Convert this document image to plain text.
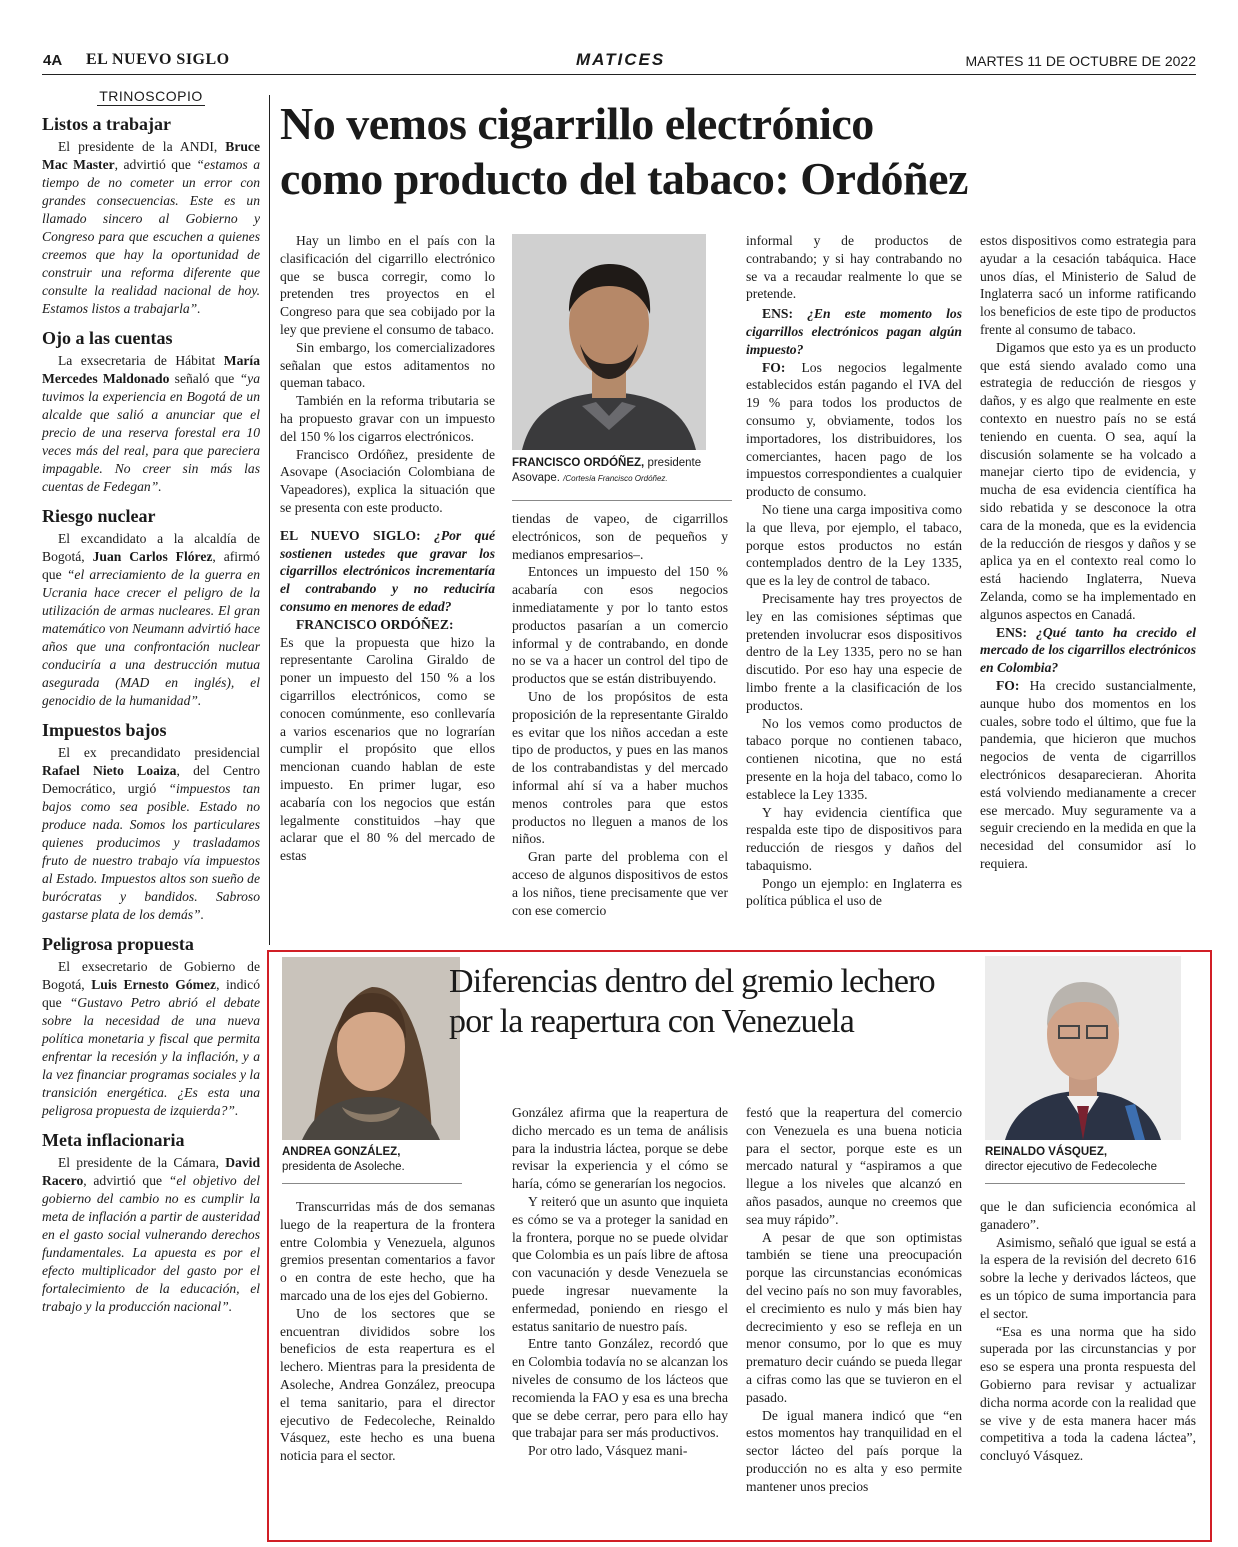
4A EL NUEVO SIGLO	MATICES	MARTES 11 DE OCTUBRE DE 2022
TRINOSCOPIO
Listos a trabajar

El presidente de la ANDI, Bruce Mac Master, advirtió que “estamos a tiempo de no cometer un error con grandes consecuencias. Este es un llamado sincero al Gobierno y Congreso para que escuchen a quienes creemos que hay la oportunidad de construir una reforma diferente que consulte la realidad nacional de hoy. Estamos listos a trabajarla”.

Ojo a las cuentas

La exsecretaria de Hábitat María Mercedes Maldonado señaló que “ya tuvimos la experiencia en Bogotá de un alcalde que salió a anunciar que el precio de una reserva forestal era 10 veces más del real, para que pareciera impagable. No creer sin más las cuentas de Fedegan”.

Riesgo nuclear

El excandidato a la alcaldía de Bogotá, Juan Carlos Flórez, afirmó que “el arreciamiento de la guerra en Ucrania hace crecer el peligro de la utilización de armas nucleares. El gran matemático von Neumann advirtió hace años que una confrontación nuclear conduciría a una destrucción mutua asegurada (MAD en inglés), el genocidio de la humanidad”.

Impuestos bajos

El ex precandidato presidencial Rafael Nieto Loaiza, del Centro Democrático, urgió “impuestos tan bajos como sea posible. Estado no produce nada. Somos los particulares quienes producimos y trasladamos fruto de nuestro trabajo vía impuestos al Estado. Impuestos altos son sueño de burócratas y bandidos. Sabroso gastarse plata de los demás”.

Peligrosa propuesta

El exsecretario de Gobierno de Bogotá, Luis Ernesto Gómez, indicó que “Gustavo Petro abrió el debate sobre la necesidad de una nueva política monetaria y fiscal que permita enfrentar la recesión y la inflación, y a la vez financiar programas sociales y la transición energética. ¿Es esta una peligrosa propuesta de izquierda?”.

Meta inflacionaria

El presidente de la Cámara, David Racero, advirtió que “el objetivo del gobierno del cambio no es cumplir la meta de inflación a partir de austeridad en el gasto social vulnerando derechos fundamentales. La apuesta es por el efecto multiplicador del gasto por el fortalecimiento de la educación, el trabajo y la producción nacional”.

No vemos cigarrillo electrónico
como producto del tabaco: Ordóñez

Hay un limbo en el país con la clasificación del cigarrillo electrónico que se busca corregir, como lo pretenden tres proyectos en el Congreso para que sea cobijado por la ley que previene el consumo de tabaco.

Sin embargo, los comercializadores señalan que estos aditamentos no queman tabaco.

También en la reforma tributaria se ha propuesto gravar con un impuesto del 150 % los cigarros electrónicos.

Francisco Ordóñez, presidente de Asovape (Asociación Colombiana de Vapeadores), explica la situación que se presenta con este producto.

EL NUEVO SIGLO: ¿Por qué sostienen ustedes que gravar los cigarrillos electrónicos incrementaría el contrabando y no reduciría consumo en menores de edad?

FRANCISCO ORDÓÑEZ:

Es que la propuesta que hizo la representante Carolina Giraldo de poner un impuesto del 150 % a los cigarrillos electrónicos, como se conocen comúnmente, eso conllevaría a varios escenarios que no lograrían cumplir el propósito que ellos mencionan cuando hablan de este impuesto. En primer lugar, eso acabaría con los negocios que están legalmente constituidos –hay que aclarar que el 80 % del mercado de estas

FRANCISCO ORDÓÑEZ, presidente Asovape. /Cortesía Francisco Ordóñez.

tiendas de vapeo, de cigarrillos electrónicos, son de pequeños y medianos empresarios–.

Entonces un impuesto del 150 % acabaría con esos negocios inmediatamente y por lo tanto estos productos pasarían a un comercio informal y de contrabando, en donde no se va a hacer un control del tipo de productos que se están distribuyendo.

Uno de los propósitos de esta proposición de la representante Giraldo es evitar que los niños accedan a este tipo de productos, y pues en las manos de los contrabandistas y del mercado informal ahí sí va a haber muchos menos controles para que estos productos no lleguen a manos de los niños.

Gran parte del problema con el acceso de algunos dispositivos de estos a los niños, tiene precisamente que ver con ese comercio

informal y de productos de contrabando; y si hay contrabando no se va a recaudar realmente lo que se pretende.

ENS: ¿En este momento los cigarrillos electrónicos pagan algún impuesto?

FO: Los negocios legalmente establecidos están pagando el IVA del 19 % para todos los productos de consumo y, obviamente, todos los importadores, los distribuidores, los comerciantes, hacen pago de los impuestos correspondientes a cualquier producto de consumo.

No tiene una carga impositiva como la que lleva, por ejemplo, el tabaco, porque estos productos no están contemplados dentro de la Ley 1335, que es la ley de control de tabaco.

Precisamente hay tres proyectos de ley en las comisiones séptimas que pretenden involucrar esos dispositivos dentro de la Ley 1335, pero no se han discutido. Por eso hay una especie de limbo frente a la clasificación de los productos.

No los vemos como productos de tabaco porque no contienen tabaco, contienen nicotina, que no está presente en la hoja del tabaco, como lo establece la Ley 1335.

Y hay evidencia científica que respalda este tipo de dispositivos para reducción de riesgos y daños del tabaquismo.

Pongo un ejemplo: en Inglaterra es política pública el uso de

estos dispositivos como estrategia para ayudar a la cesación tabáquica. Hace unos días, el Ministerio de Salud de Inglaterra sacó un informe ratificando los beneficios de este tipo de productos frente al consumo de tabaco.

Digamos que esto ya es un producto que está siendo avalado como una estrategia de reducción de riesgos y daños, y es algo que realmente en este contexto en nuestro país no se está teniendo en cuenta. O sea, aquí la discusión solamente se ha volcado a manejar cierto tipo de evidencia, y mucha de esa evidencia científica ha sido rebatida y se desconoce la otra cara de la moneda, que es la evidencia de la reducción de riesgos y daños y se aplica ya en el contexto real como lo está haciendo Inglaterra, Nueva Zelanda, como se ha implementado en algunos aspectos en Canadá.

ENS: ¿Qué tanto ha crecido el mercado de los cigarrillos electrónicos en Colombia?

FO: Ha crecido sustancialmente, aunque hubo dos momentos en los cuales, sobre todo el último, que fue la pandemia, que hicieron que muchos negocios de venta de cigarrillos electrónicos desaparecieran. Ahorita está volviendo medianamente a crecer ese mercado. Muy seguramente va a seguir creciendo en la medida en que la necesidad del consumidor así lo requiera.

ANDREA GONZÁLEZ,
presidenta de Asoleche.
Diferencias dentro del gremio lechero
por la reapertura con Venezuela
REINALDO VÁSQUEZ,
director ejecutivo de Fedecoleche

Transcurridas más de dos semanas luego de la reapertura de la frontera entre Colombia y Venezuela, algunos gremios presentan comentarios a favor o en contra de este hecho, que ha marcado una de los ejes del Gobierno.

Uno de los sectores que se encuentran divididos sobre los beneficios de esta reapertura es el lechero. Mientras para la presidenta de Asoleche, Andrea González, preocupa el tema sanitario, para el director ejecutivo de Fedecoleche, Reinaldo Vásquez, este hecho es una buena noticia para el sector.

González afirma que la reapertura de dicho mercado es un tema de análisis para la industria láctea, porque se debe revisar la experiencia y el cómo se haría, cómo se generarían los negocios.

Y reiteró que un asunto que inquieta es cómo se va a proteger la sanidad en la frontera, porque no se puede olvidar que Colombia es un país libre de aftosa con vacunación y desde Venezuela se puede ingresar nuevamente la enfermedad, poniendo en riesgo el estatus sanitario de nuestro país.

Entre tanto González, recordó que en Colombia todavía no se alcanzan los niveles de consumo de los lácteos que recomienda la FAO y esa es una brecha que se debe cerrar, pero para ello hay que trabajar para ser más productivos.

Por otro lado, Vásquez mani-

festó que la reapertura del comercio con Venezuela es una buena noticia para el sector, porque este es un mercado natural y “aspiramos a que llegue a los niveles que alcanzó en años pasados, aunque no creemos que sea muy rápido”.

A pesar de que son optimistas también se tiene una preocupación porque las circunstancias económicas del vecino país no son muy favorables, el crecimiento es nulo y más bien hay decrecimiento y eso se refleja en un menor consumo, por lo que es muy prematuro decir cuándo se pueda llegar a cifras como las que se tuvieron en el pasado.

De igual manera indicó que “en estos momentos hay tranquilidad en el sector lácteo del país porque la producción no es alta y eso permite mantener unos precios

que le dan suficiencia económica al ganadero”.

Asimismo, señaló que igual se está a la espera de la revisión del decreto 616 sobre la leche y derivados lácteos, que es un tópico de suma importancia para el sector.

“Esa es una norma que ha sido superada por las circunstancias y por eso se espera una pronta respuesta del Gobierno para revisar y actualizar dicha norma acorde con la realidad que se vive y de esta manera hacer más competitiva a toda la cadena láctea”, concluyó Vásquez.
